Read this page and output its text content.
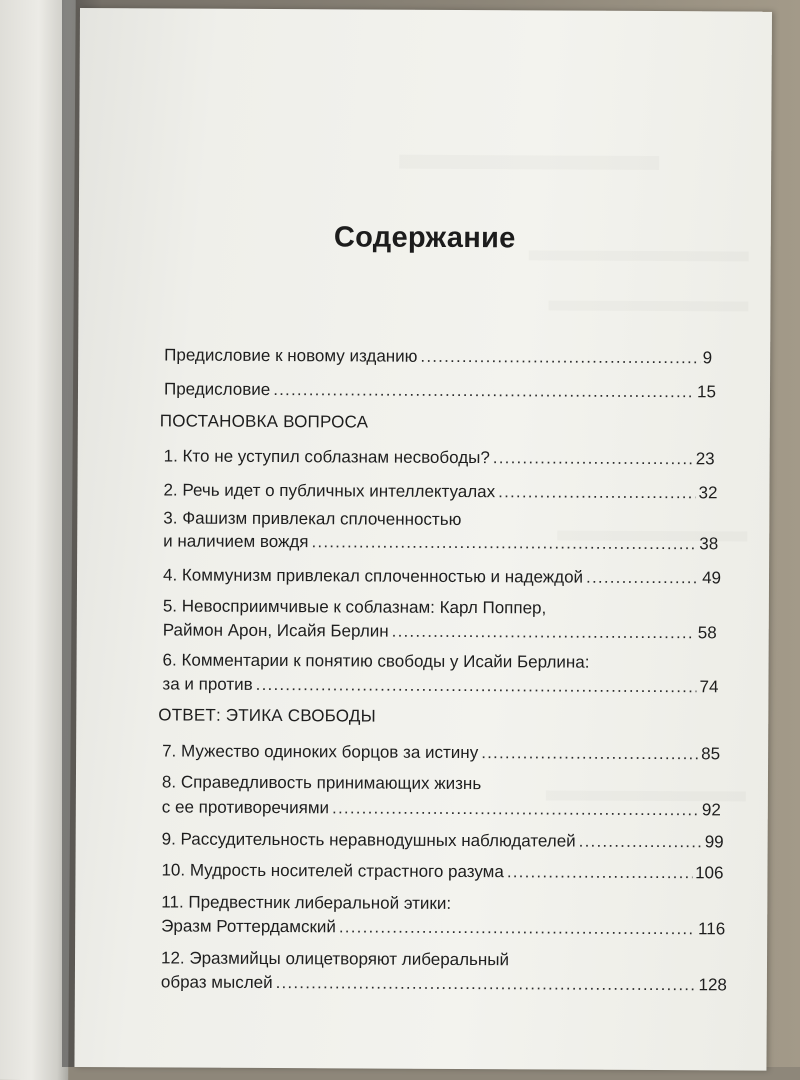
Содержание
Предисловие к новому изданию .....	9
Предисловие .....	15
ПОСТАНОВКА ВОПРОСА
1. Кто не уступил соблазнам несвободы? .....	23
2. Речь идет о публичных интеллектуалах .....	32
3. Фашизм привлекал сплоченностью
и наличием вождя .....	38
4. Коммунизм привлекал сплоченностью и надеждой .....	49
5. Невосприимчивые к соблазнам: Карл Поппер,
Раймон Арон, Исайя Берлин .....	58
6. Комментарии к понятию свободы у Исайи Берлина:
за и против .....	74
ОТВЕТ: ЭТИКА СВОБОДЫ
7. Мужество одиноких борцов за истину .....	85
8. Справедливость принимающих жизнь
с ее противоречиями .....	92
9. Рассудительность неравнодушных наблюдателей .....	99
10. Мудрость носителей страстного разума .....	106
11. Предвестник либеральной этики:
Эразм Роттердамский .....	116
12. Эразмийцы олицетворяют либеральный
образ мыслей .....	128
